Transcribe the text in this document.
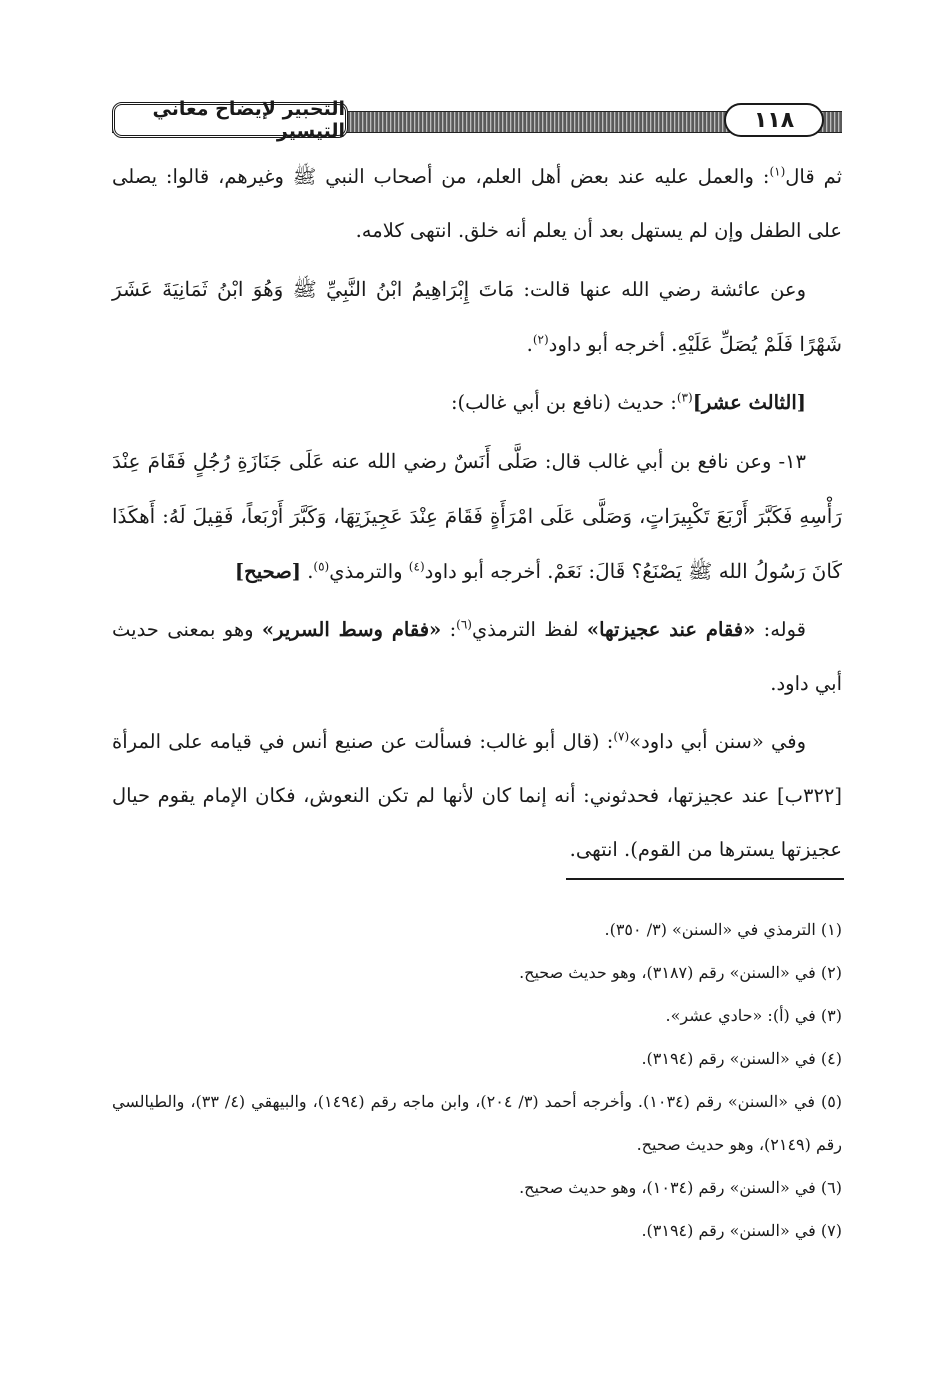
التحبير لإيضاح معاني التيسير	١١٨

ثم قال$^{(١)}$: والعمل عليه عند بعض أهل العلم، من أصحاب النبي ﷺ وغيرهم، قالوا: يصلى على الطفل وإن لم يستهل بعد أن يعلم أنه خلق. انتهى كلامه.

وعن عائشة رضي الله عنها قالت: مَاتَ إِبْرَاهِيمُ ابْنُ النَّبِيِّ ﷺ وَهُوَ ابْنُ ثَمَانِيَةَ عَشَرَ شَهْرًا فَلَمْ يُصَلِّ عَلَيْهِ. أخرجه أبو داود$^{(٢)}$.

[الثالث عشر]$^{(٣)}$: حديث (نافع بن أبي غالب):

١٣- وعن نافع بن أبي غالب قال: صَلَّى أَنَسٌ رضي الله عنه عَلَى جَنَازَةِ رُجُلٍ فَقَامَ عِنْدَ رَأْسِهِ فَكَبَّرَ أَرْبَعَ تَكْبِيرَاتٍ، وَصَلَّى عَلَى امْرَأَةٍ فَقَامَ عِنْدَ عَجِيزَتِهَا، وَكَبَّرَ أَرْبَعاً، فَقِيلَ لَهُ: أَهكَذَا كَانَ رَسُولُ الله ﷺ يَصْنَعُ؟ قَالَ: نَعَمْ. أخرجه أبو داود$^{(٤)}$ والترمذي$^{(٥)}$. [صحيح]

قوله: «فقام عند عجيزتها» لفظ الترمذي$^{(٦)}$: «فقام وسط السرير» وهو بمعنى حديث أبي داود.

وفي «سنن أبي داود»$^{(٧)}$: (قال أبو غالب: فسألت عن صنيع أنس في قيامه على المرأة [٣٢٢ب] عند عجيزتها، فحدثوني: أنه إنما كان لأنها لم تكن النعوش، فكان الإمام يقوم حيال عجيزتها يسترها من القوم). انتهى.

(١) الترمذي في «السنن» (٣/ ٣٥٠).

(٢) في «السنن» رقم (٣١٨٧)، وهو حديث صحيح.

(٣) في (أ): «حادي عشر».

(٤) في «السنن» رقم (٣١٩٤).

(٥) في «السنن» رقم (١٠٣٤). وأخرجه أحمد (٣/ ٢٠٤)، وابن ماجه رقم (١٤٩٤)، والبيهقي (٤/ ٣٣)، والطيالسي رقم (٢١٤٩)، وهو حديث صحيح.

(٦) في «السنن» رقم (١٠٣٤)، وهو حديث صحيح.

(٧) في «السنن» رقم (٣١٩٤).
